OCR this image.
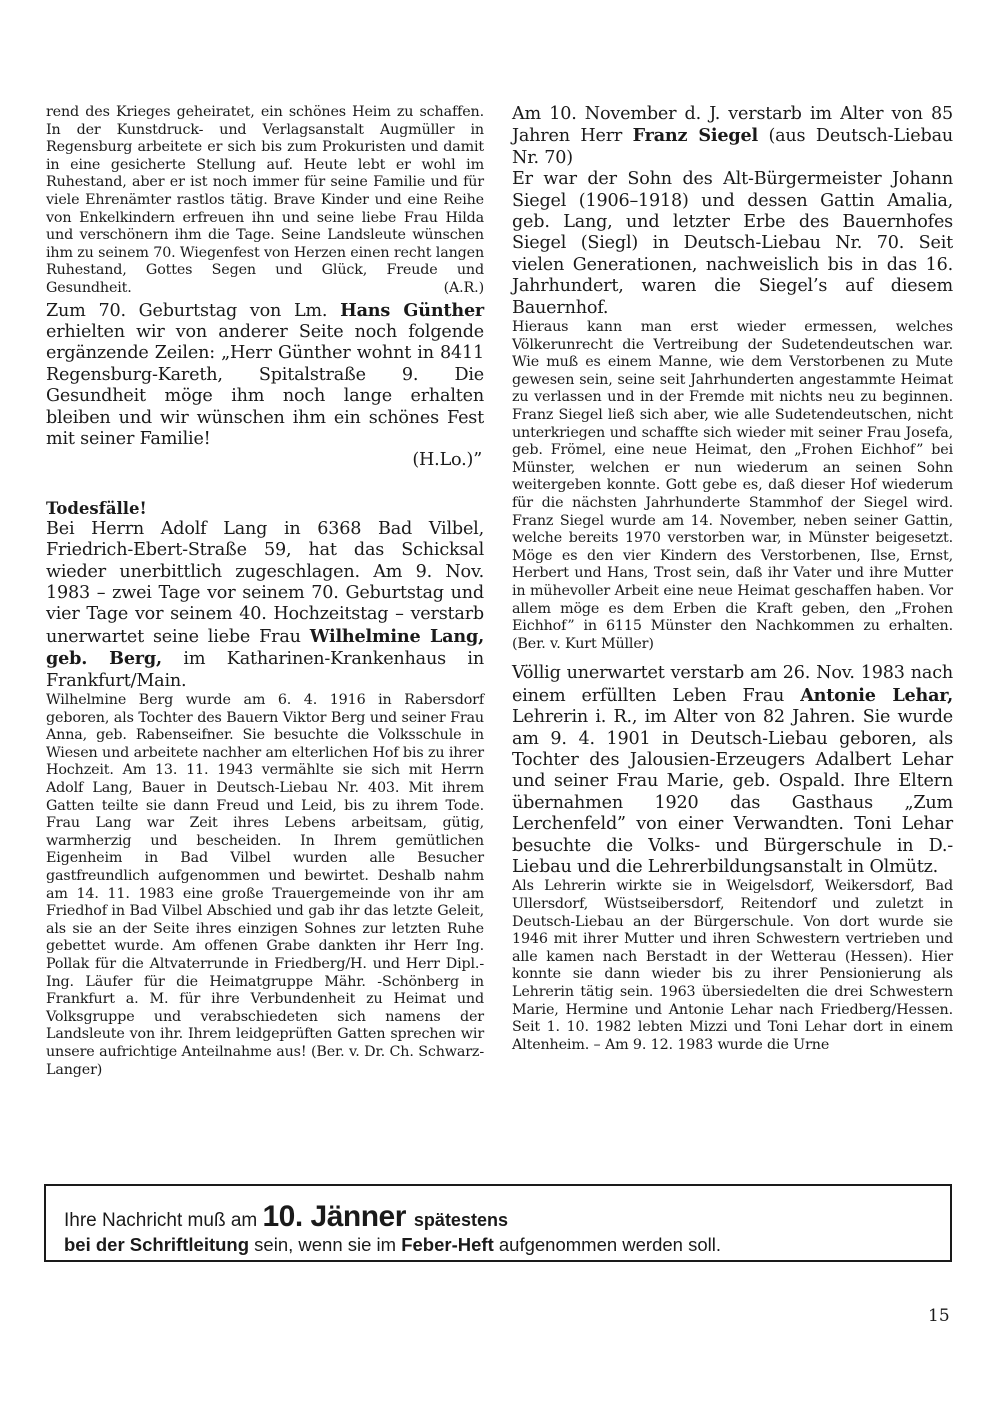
rend des Krieges geheiratet, ein schönes Heim zu schaffen. In der Kunstdruck- und Verlagsanstalt Augmüller in Regensburg arbeitete er sich bis zum Prokuristen und damit in eine gesicherte Stellung auf. Heute lebt er wohl im Ruhestand, aber er ist noch immer für seine Familie und für viele Ehrenämter rastlos tätig. Brave Kinder und eine Reihe von Enkelkindern erfreuen ihn und seine liebe Frau Hilda und verschönern ihm die Tage. Seine Landsleute wünschen ihm zu seinem 70. Wiegenfest von Herzen einen recht langen Ruhestand, Gottes Segen und Glück, Freude und Gesundheit.	(A.R.)

Zum 70. Geburtstag von Lm. Hans Günther erhielten wir von anderer Seite noch folgende ergänzende Zeilen: „Herr Günther wohnt in 8411 Regensburg-Kareth, Spitalstraße 9. Die Gesundheit möge ihm noch lange erhalten bleiben und wir wünschen ihm ein schönes Fest mit seiner Familie!

(H.Lo.)”

Todesfälle!

Bei Herrn Adolf Lang in 6368 Bad Vilbel, Friedrich-Ebert-Straße 59, hat das Schicksal wieder unerbittlich zugeschlagen. Am 9. Nov. 1983 – zwei Tage vor seinem 70. Geburtstag und vier Tage vor seinem 40. Hochzeitstag – verstarb unerwartet seine liebe Frau Wilhelmine Lang, geb. Berg, im Katharinen-Krankenhaus in Frankfurt/Main.

Wilhelmine Berg wurde am 6. 4. 1916 in Rabersdorf geboren, als Tochter des Bauern Viktor Berg und seiner Frau Anna, geb. Rabenseifner. Sie besuchte die Volksschule in Wiesen und arbeitete nachher am elterlichen Hof bis zu ihrer Hochzeit. Am 13. 11. 1943 vermählte sie sich mit Herrn Adolf Lang, Bauer in Deutsch-Liebau Nr. 403. Mit ihrem Gatten teilte sie dann Freud und Leid, bis zu ihrem Tode. Frau Lang war Zeit ihres Lebens arbeitsam, gütig, warmherzig und bescheiden. In Ihrem gemütlichen Eigenheim in Bad Vilbel wurden alle Besucher gastfreundlich aufgenommen und bewirtet. Deshalb nahm am 14. 11. 1983 eine große Trauergemeinde von ihr am Friedhof in Bad Vilbel Abschied und gab ihr das letzte Geleit, als sie an der Seite ihres einzigen Sohnes zur letzten Ruhe gebettet wurde. Am offenen Grabe dankten ihr Herr Ing. Pollak für die Altvaterrunde in Friedberg/H. und Herr Dipl.-Ing. Läufer für die Heimatgruppe Mähr. -Schönberg in Frankfurt a. M. für ihre Verbundenheit zu Heimat und Volksgruppe und verabschiedeten sich namens der Landsleute von ihr. Ihrem leidgeprüften Gatten sprechen wir unsere aufrichtige Anteilnahme aus! (Ber. v. Dr. Ch. Schwarz-Langer)

Am 10. November d. J. verstarb im Alter von 85 Jahren Herr Franz Siegel (aus Deutsch-Liebau Nr. 70)

Er war der Sohn des Alt-Bürgermeister Johann Siegel (1906–1918) und dessen Gattin Amalia, geb. Lang, und letzter Erbe des Bauernhofes Siegel (Siegl) in Deutsch-Liebau Nr. 70. Seit vielen Generationen, nachweislich bis in das 16. Jahrhundert, waren die Siegel’s auf diesem Bauernhof.

Hieraus kann man erst wieder ermessen, welches Völkerunrecht die Vertreibung der Sudetendeutschen war. Wie muß es einem Manne, wie dem Verstorbenen zu Mute gewesen sein, seine seit Jahrhunderten angestammte Heimat zu verlassen und in der Fremde mit nichts neu zu beginnen. Franz Siegel ließ sich aber, wie alle Sudetendeutschen, nicht unterkriegen und schaffte sich wieder mit seiner Frau Josefa, geb. Frömel, eine neue Heimat, den „Frohen Eichhof” bei Münster, welchen er nun wiederum an seinen Sohn weitergeben konnte. Gott gebe es, daß dieser Hof wiederum für die nächsten Jahrhunderte Stammhof der Siegel wird. Franz Siegel wurde am 14. November, neben seiner Gattin, welche bereits 1970 verstorben war, in Münster beigesetzt. Möge es den vier Kindern des Verstorbenen, Ilse, Ernst, Herbert und Hans, Trost sein, daß ihr Vater und ihre Mutter in mühevoller Arbeit eine neue Heimat geschaffen haben. Vor allem möge es dem Erben die Kraft geben, den „Frohen Eichhof” in 6115 Münster den Nachkommen zu erhalten. (Ber. v. Kurt Müller)

Völlig unerwartet verstarb am 26. Nov. 1983 nach einem erfüllten Leben Frau Antonie Lehar, Lehrerin i. R., im Alter von 82 Jahren. Sie wurde am 9. 4. 1901 in Deutsch-Liebau geboren, als Tochter des Jalousien-Erzeugers Adalbert Lehar und seiner Frau Marie, geb. Ospald. Ihre Eltern übernahmen 1920 das Gasthaus „Zum Lerchenfeld” von einer Verwandten. Toni Lehar besuchte die Volks- und Bürgerschule in D.-Liebau und die Lehrerbildungsanstalt in Olmütz.

Als Lehrerin wirkte sie in Weigelsdorf, Weikersdorf, Bad Ullersdorf, Wüstseibersdorf, Reitendorf und zuletzt in Deutsch-Liebau an der Bürgerschule. Von dort wurde sie 1946 mit ihrer Mutter und ihren Schwestern vertrieben und alle kamen nach Berstadt in der Wetterau (Hessen). Hier konnte sie dann wieder bis zu ihrer Pensionierung als Lehrerin tätig sein. 1963 übersiedelten die drei Schwestern Marie, Hermine und Antonie Lehar nach Friedberg/Hessen. Seit 1. 10. 1982 lebten Mizzi und Toni Lehar dort in einem Altenheim. – Am 9. 12. 1983 wurde die Urne

Ihre Nachricht muß am 10. Jänner spätestens
bei der Schriftleitung sein, wenn sie im Feber-Heft aufgenommen werden soll.
15
